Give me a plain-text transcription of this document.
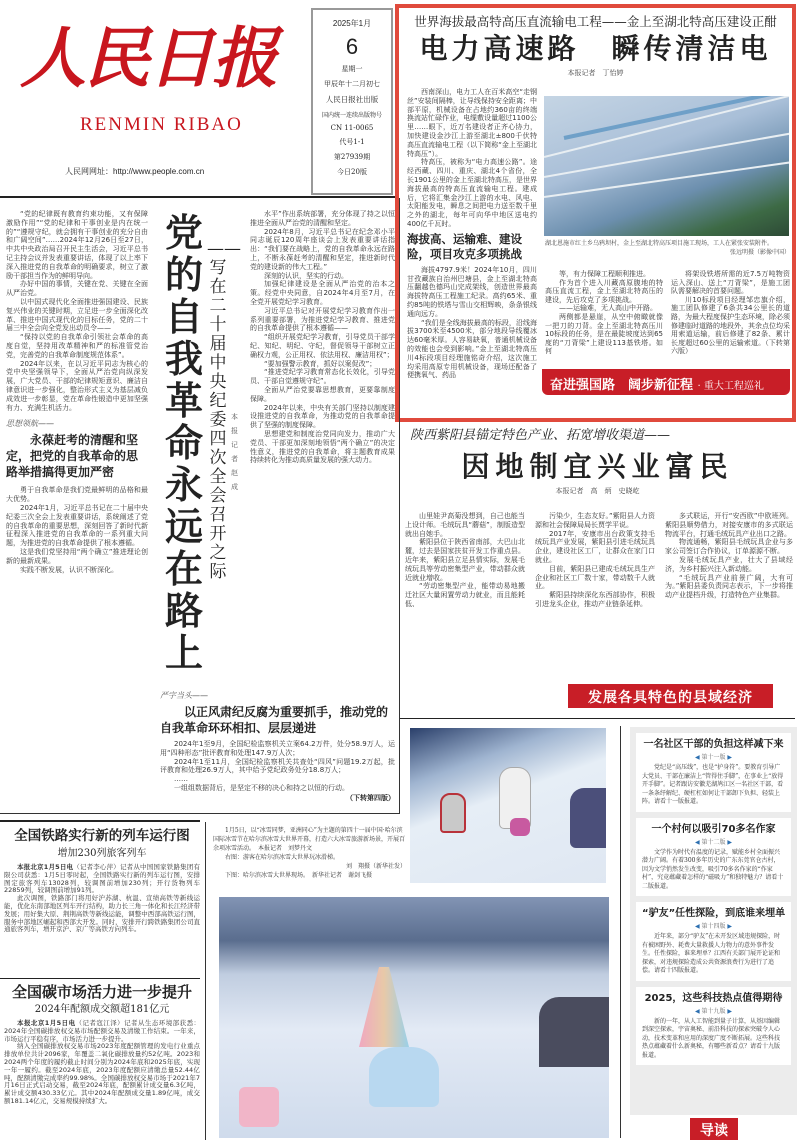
人民日报
RENMIN RIBAO
人民网网址：http://www.people.com.cn
2025年1月
6
星期一
甲辰年十二月初七
人民日报社出版
国内统一连续出版物号
CN 11-0065
代号1-1
第27939期
今日20版
世界海拔最高特高压直流输电工程——金上至湖北特高压建设正酣
电力高速路　瞬传清洁电
本报记者　丁怡婷

西南深山，电力工人在百米高空“走钢丝”安装间隔棒，让导线保持安全距离；中部平原，机械设备在占地约360亩的终端换流站忙碌作业，电缆敷设量超过1100公里……眼下，近万名建设者正齐心协力，加快建设金沙江上游至湖北±800千伏特高压直流输电工程（以下简称“金上至湖北特高压”）。

特高压，被称为“电力高速公路”。途经西藏、四川、重庆、湖北4个省份，全长1901公里的金上至湖北特高压，是世界海拔最高的特高压直流输电工程。建成后，它将汇集金沙江上游的水电、风电、太阳能发电，瞬息之间把电力送至数千里之外的湖北，每年可向华中地区送电约400亿千瓦时。

海拔高、运输难、建设险，项目攻克多项挑战

海拔4797.9米！2024年10月，四川甘孜藏族自治州巴塘县，金上至湖北特高压翻越色德玛山完成架线，创造世界最高海拔特高压工程施工纪录。高约65米、重约85吨的铁塔与雪山交相辉映，条条银线通向远方。

“我们是全线海拔最高的标段，沿线海拔3700米至4500米，部分地段导线覆冰达60毫米厚。人容易缺氧，普通机械设备的效能也会受到影响。”金上至湖北特高压川4标段项目经理施铭奇介绍，这次施工均采用高原专用机械设备，现场还配备了便携氧气、药品

湖北恩施市红土乡乌鸦坝村，金上至湖北特高压项目施工现场，工人在紧张安装附件。
张远明摄（影像中国）

等，有力保障工程顺利推进。

作为首个进入川藏高原腹地的特高压直流工程，金上至湖北特高压的建设，先后攻克了多项挑战。

——运输难，无人高山中开路。

两侧都是悬崖，从空中俯瞰就像一把刀的刀背。金上至湖北特高压川10标段的任务，是在最陡坡度达到65度的“刀背梁”上建设113基铁塔。如何

将架设铁塔所需的近7.5万吨物资运入深山、送上“刀背梁”，是施工团队需要解决的首要问题。

川10标段项目经理邹忠旗介绍，施工团队修建了6条共34公里长的道路，为最大程度保护生态环境，除必须修建临时道路的地段外，其余点位均采用索道运输，前后修建了82条、累计长度超过60公里的运输索道。（下转第六版）

奋进强国路　阔步新征程 · 重大工程巡礼

“党的纪律既有教育约束功能，又有保障激励作用”“党的纪律和干事创业是内在统一的”“遵规守纪，就会拥有干事创业的充分自由和广阔空间”……2024年12月26日至27日，中共中央政治局召开民主生活会，习近平总书记主持会议并发表重要讲话，体现了以上率下深入推进党的自我革命的明确要求，树立了激励干部担当作为的鲜明导向。

办好中国的事情，关键在党、关键在全面从严治党。

以中国式现代化全面推进强国建设、民族复兴伟业的关键时期，立足进一步全面深化改革、推进中国式现代化的目标任务，党的二十届三中全会向全党发出动员令——

“保持以党的自我革命引领社会革命的高度自觉，坚持用改革精神和严的标准管党治党，完善党的自我革命制度规范体系”。

2024年以来，在以习近平同志为核心的党中央坚强领导下，全面从严治党向纵深发展，广大党员、干部的纪律规矩意识、廉洁自律意识进一步强化，整治形式主义为基层减负成效进一步彰显，党在革命性锻造中更加坚强有力、充满生机活力。

思想领航——
永葆赶考的清醒和坚定，把党的自我革命的思路举措搞得更加严密

勇于自我革命是我们党最鲜明的品格和最大优势。

2024年1月，习近平总书记在二十届中央纪委三次全会上发表重要讲话，系统阐述了党的自我革命的重要思想，深刻回答了新时代新征程深入推进党的自我革命的一系列重大问题，为推进党的自我革命提供了根本遵循。

这是我们党坚持用“两个确立”推进理论创新的最新成果。

实践不断发展，认识不断深化。

党
的
自
我
革
命
永
远
在
路
上
——写在二十届中央纪委四次全会召开之际
本报记者　赵　成

水平”作出系统部署，充分体现了持之以恒推进全面从严治党的清醒和坚定。

2024年8月，习近平总书记在纪念邓小平同志诞辰120周年座谈会上发表重要讲话指出：“我们要在战略上，党的自我革命永远在路上，不断永葆赶考的清醒和坚定，推进新时代党的建设新的伟大工程。”

深刻的认识，坚实的行动。

加强纪律建设是全面从严治党的治本之策。经党中央同意，自2024年4月至7月，在全党开展党纪学习教育。

习近平总书记对开展党纪学习教育作出一系列重要部署，为推进党纪学习教育、推进党的自我革命提供了根本遵循——

“组织开展党纪学习教育，引导党员干部学纪、知纪、明纪、守纪，督促领导干部树立正确权力观，公正用权、依法用权、廉洁用权”；

“要加强警示教育，抓好以案促改”；

“推进党纪学习教育常态化长效化，引导党员、干部自觉遵规守纪”。

全面从严治党要靠思想教育，更要靠制度保障。

2024年以来，中央有关部门坚持以制度建设推进党的自我革命，为推动党的自我革命提供了坚强的制度保障。

思想建党和制度治党同向发力，推动广大党员、干部更加深刻地领悟“两个确立”的决定性意义，推进党的自我革命，将主题教育成果持续转化为推动高质量发展的强大动力。

严字当头——
以正风肃纪反腐为重要抓手，推动党的自我革命环环相扣、层层递进

2024年1至9月，全国纪检监察机关立案64.2万件，处分58.9万人，运用“四种形态”批评教育和处理147.9万人次；

2024年1至11月，全国纪检监察机关共查处“四风”问题19.2万起，批评教育和处理26.9万人，其中给予党纪政务处分18.8万人；

……

一组组数据背后，是坚定不移的决心和持之以恒的行动。

（下转第四版）
陕西紫阳县锚定特色产业、拓宽增收渠道——
因地制宜兴业富民
本报记者　高　炳　史晓屹

山里娃尹高菊没想到，自己也能当上设计师。毛绒玩具“蘑菇”，制版造型就出自她手。

紫阳县位于陕西省南部，大巴山北麓，过去是国家扶贫开发工作重点县。近年来，紫阳县立足县情实际，发展毛绒玩具等劳动密集型产业，带动群众就近就业增收。

“劳动密集型产业，能带动易地搬迁社区大量闲置劳动力就业，而且能耗低、

污染少，生态友好。”紫阳县人力资源和社会保障局局长贾学平说。

2017年，安康市出台政策支持毛绒玩具产业发展，紫阳县引进毛绒玩具企业，建设社区工厂，让群众在家门口就业。

目前，紫阳县已建成毛绒玩具生产企业和社区工厂数十家，带动数千人就业。

紫阳县持续深化东西部协作，积极引进龙头企业，推动产业链条延伸。

多式联运，开行“安西欧”中欧班列。紫阳县顺势借力，对接安康市的多式联运物流平台，打通毛绒玩具产业出口之路。

物流通畅，紫阳县毛绒玩具企业与多家公司签订合作协议，订单源源不断。

发展毛绒玩具产业，壮大了县域经济，为乡村振兴注入新动能。

“毛绒玩具产业前景广阔，大有可为。”紫阳县委负责同志表示，下一步将推动产业提档升级，打造特色产业集群。

发展各具特色的县域经济
1月5日，以“冰雪同梦，亚洲同心”为主题的第四十一届中国·哈尔滨国际冰雪节在哈尔滨冰雪大世界开幕，打造六大冰雪旅游新场景，开展百余项冰雪活动。　本报记者　刘梦丹文
右图：游客在哈尔滨冰雪大世界玩冰滑梯。
刘　翔摄（新华社发）
下图：哈尔滨冰雪大世界现场。　新华社记者　谢剑飞摄
全国铁路实行新的列车运行图
增加230列旅客列车

本报北京1月5日电（记者李心萍）记者从中国国家铁路集团有限公司获悉：1月5日零时起，全国铁路实行新的列车运行图，安排图定旅客列车13028列，较调图前增加230列；开行货物列车22859列，较调图前增加91列。

此次调图，铁路部门将用好沪苏湖、杭温、宣绩高铁等新线运能，优化东南部地区列车开行结构，助力长三角一体化和长江经济带发展；用好集大原、荆荆高铁等新线运能，调整中西部高铁运行图，服务中部地区崛起和西部大开发。同时，安排开行跨铁路集团公司直通旅客列车，增开京沪、京广等高铁方向列车。

全国碳市场活力进一步提升
2024年配额成交额超181亿元

本报北京1月5日电（记者寇江泽）记者从生态环境部获悉：2024年全国碳排放权交易市场配额交易及清缴工作结束。一年来，市场运行平稳有序，市场活力进一步提升。

纳入全国碳排放权交易市场2023年度配额管理的发电行业重点排放单位共计2096家，年覆盖二氧化碳排放量约52亿吨。2023和2024两个年度的履约截止时间分别为2024年底和2025年底，实现一年一履约。截至2024年底，2023年度配额应清缴总量52.44亿吨，配额清缴完成率约99.98%。全国碳排放权交易市场于2021年7月16日正式启动交易，截至2024年底，配额累计成交量6.3亿吨，累计成交额430.33亿元。其中2024年配额成交量1.89亿吨，成交额181.14亿元，交易规模持续扩大。

一名社区干部的负担这样减下来
◀ 第十一版 ▶

党纪是“高压线”，也是“护身符”。要教育引导广大党员、干部在廉洁上“管得住手脚”，在事业上“放得开手脚”。记者跟访安徽芜湖鸠江区一名社区干部，看一条条纾解纪、硬杠杠如何让干部卸下负担、轻装上阵。请看十一版报道。

一个村何以吸引70多名作家
◀ 第十二版 ▶

文学作为时代有温度的记录，赋能乡村全面振兴潜力广阔。有着300多年历史的广东东莞官仓古村，因为文学悄然发生改变，吸引70多名作家的“作家村”，究竟蕴藏着怎样的“磁吸力”和独特魅力？请看十二版报道。

“驴友”任性探险，到底谁来埋单
◀ 第十四版 ▶

近年来，部分“驴友”在未开发区域违规探险，时有被困野外、耗费大量救援人力物力的意外事件发生。任性探险，谁来埋单？江西有关部门展开论证和探索，对违规探险造成公共资源浪费行为进行了追偿。请看十四版报道。

2025，这些科技热点值得期待
◀ 第十九版 ▶

新的一年，从人工智能到量子计算，从基因编辑到深空探索，宇宙奥秘、前沿科技的探索突破令人心动，技术变革和应用的深度广度不断拓展。这些科技热点蕴藏着什么新奥秘，有哪些新看点？请看十九版报道。

导读
